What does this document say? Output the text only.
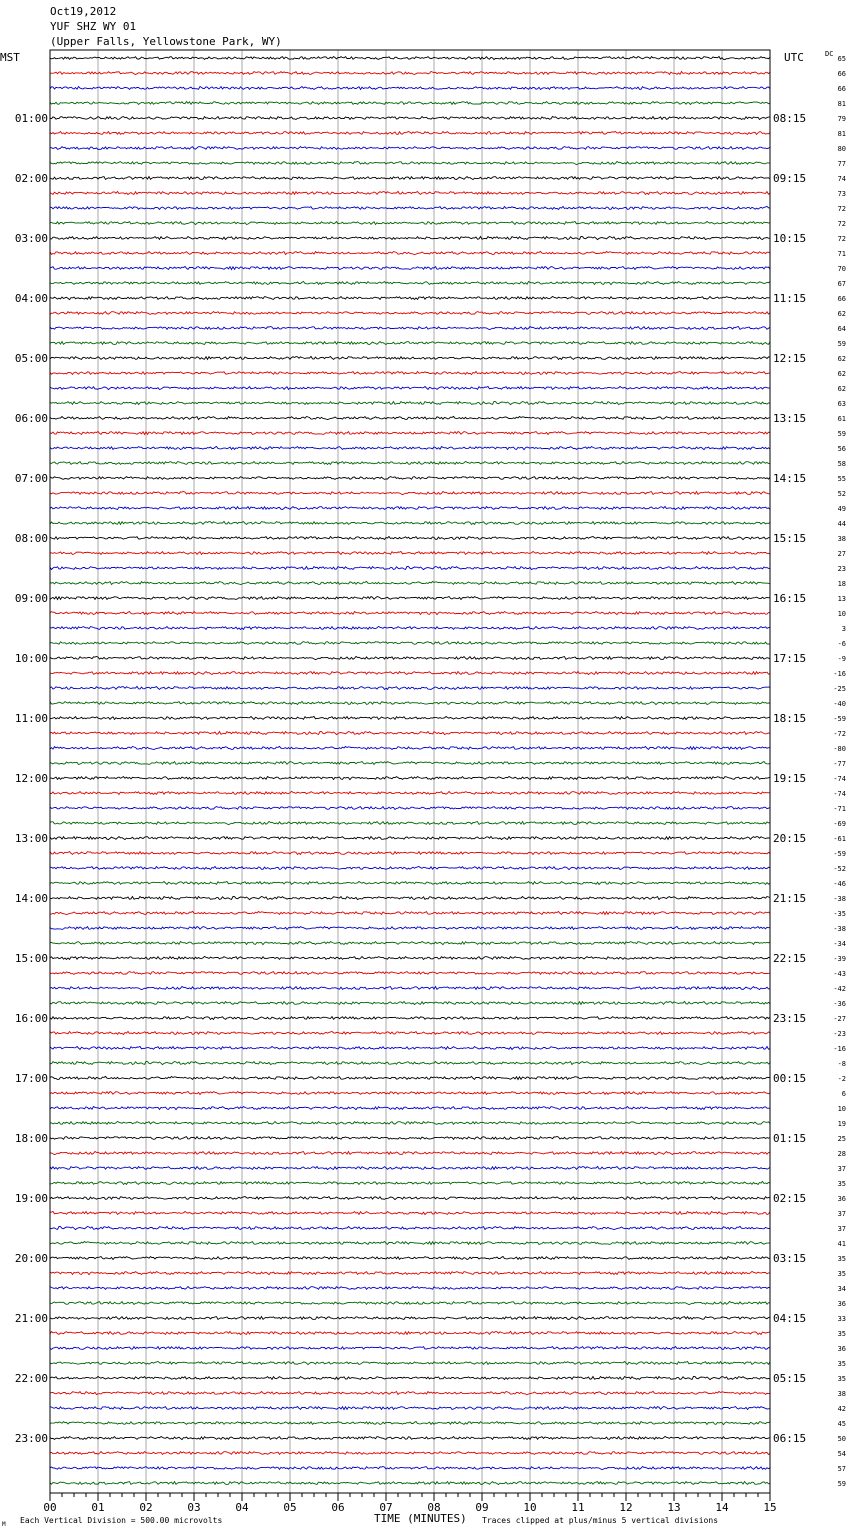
Oct19,2012
YUF SHZ WY 01
(Upper Falls, Yellowstone Park, WY)
MST	UTC	DC
TIME (MINUTES)
Each Vertical Division = 500.00 microvolts	Traces clipped at plus/minus 5 vertical divisions
M
65
66
66
81
79
81
80
77
74
73
72
72
72
71
70
67
66
62
64
59
62
62
62
63
61
59
56
58
55
52
49
44
38
27
23
18
13
10
3
-6
-9
-16
-25
-40
-59
-72
-80
-77
-74
-74
-71
-69
-61
-59
-52
-46
-38
-35
-38
-34
-39
-43
-42
-36
-27
-23
-16
-8
-2
6
10
19
25
28
37
35
36
37
37
41
35
35
34
36
33
35
36
35
35
38
42
45
50
54
57
59
01:00
02:00
03:00
04:00
05:00
06:00
07:00
08:00
09:00
10:00
11:00
12:00
13:00
14:00
15:00
16:00
17:00
18:00
19:00
20:00
21:00
22:00
23:00
08:15
09:15
10:15
11:15
12:15
13:15
14:15
15:15
16:15
17:15
18:15
19:15
20:15
21:15
22:15
23:15
00:15
01:15
02:15
03:15
04:15
05:15
06:15
00	01	02	03	04	05	06	07	08	09	10	11	12	13	14	15
